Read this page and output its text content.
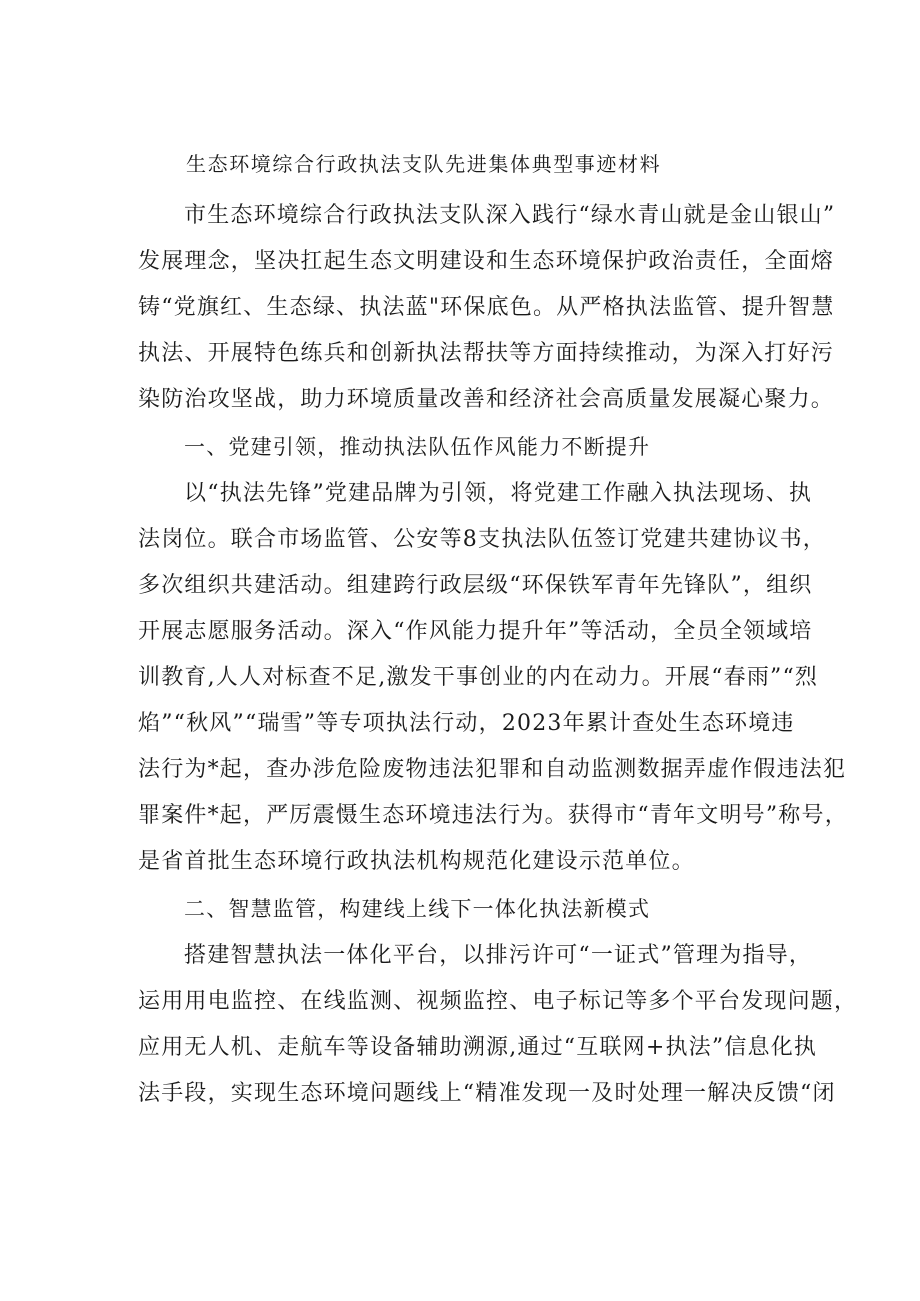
生态环境综合行政执法支队先进集体典型事迹材料
市生态环境综合行政执法支队深入践行“绿水青山就是金山银山”
发展理念，坚决扛起生态文明建设和生态环境保护政治责任，全面熔
铸“党旗红、生态绿、执法蓝"环保底色。从严格执法监管、提升智慧
执法、开展特色练兵和创新执法帮扶等方面持续推动，为深入打好污
染防治攻坚战，助力环境质量改善和经济社会高质量发展凝心聚力。
一、党建引领，推动执法队伍作风能力不断提升
以“执法先锋”党建品牌为引领，将党建工作融入执法现场、执
法岗位。联合市场监管、公安等8支执法队伍签订党建共建协议书，
多次组织共建活动。组建跨行政层级“环保铁军青年先锋队”，组织
开展志愿服务活动。深入“作风能力提升年”等活动，全员全领域培
训教育,人人对标查不足,激发干事创业的内在动力。开展“春雨”“烈
焰”“秋风”“瑞雪”等专项执法行动，2023年累计查处生态环境违
法行为*起，查办涉危险废物违法犯罪和自动监测数据弄虚作假违法犯
罪案件*起，严厉震慑生态环境违法行为。获得市“青年文明号”称号，
是省首批生态环境行政执法机构规范化建设示范单位。
二、智慧监管，构建线上线下一体化执法新模式
搭建智慧执法一体化平台，以排污许可“一证式”管理为指导，
运用用电监控、在线监测、视频监控、电子标记等多个平台发现问题，
应用无人机、走航车等设备辅助溯源,通过“互联网+执法”信息化执
法手段，实现生态环境问题线上“精准发现一及时处理一解决反馈“闭
